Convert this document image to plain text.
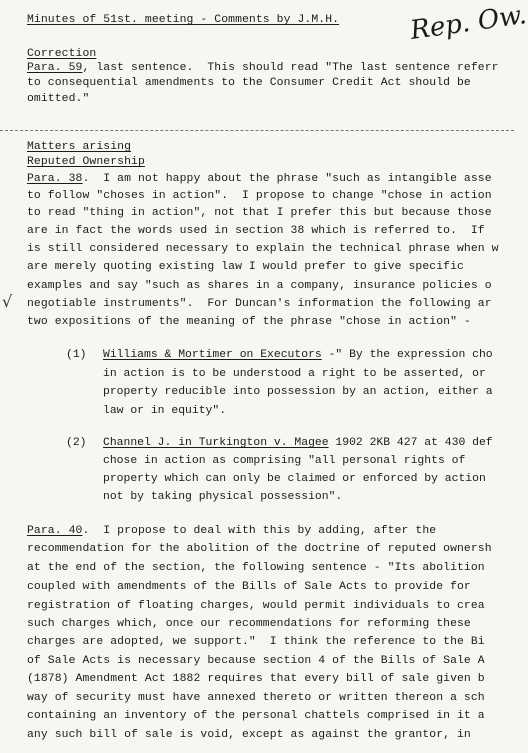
Minutes of 51st. meeting - Comments by J.M.H.	Rep. Ow.
Correction
Para. 59, last sentence.  This should read "The last sentence referr
to consequential amendments to the Consumer Credit Act should be
omitted."
Matters arising
Reputed Ownership
Para. 38.  I am not happy about the phrase "such as intangible asse
to follow "choses in action".  I propose to change "chose in action
to read "thing in action", not that I prefer this but because those
are in fact the words used in section 38 which is referred to.  If
is still considered necessary to explain the technical phrase when w
are merely quoting existing law I would prefer to give specific
examples and say "such as shares in a company, insurance policies o
negotiable instruments".  For Duncan's information the following ar
two expositions of the meaning of the phrase "chose in action" -
√
(1) Williams & Mortimer on Executors -" By the expression cho
in action is to be understood a right to be asserted, or
property reducible into possession by an action, either a
law or in equity".
(2) Channel J. in Turkington v. Magee 1902 2KB 427 at 430 def
chose in action as comprising "all personal rights of
property which can only be claimed or enforced by action
not by taking physical possession".
Para. 40.  I propose to deal with this by adding, after the
recommendation for the abolition of the doctrine of reputed ownersh
at the end of the section, the following sentence - "Its abolition
coupled with amendments of the Bills of Sale Acts to provide for
registration of floating charges, would permit individuals to crea
such charges which, once our recommendations for reforming these
charges are adopted, we support."  I think the reference to the Bi
of Sale Acts is necessary because section 4 of the Bills of Sale A
(1878) Amendment Act 1882 requires that every bill of sale given b
way of security must have annexed thereto or written thereon a sch
containing an inventory of the personal chattels comprised in it a
any such bill of sale is void, except as against the grantor, in
